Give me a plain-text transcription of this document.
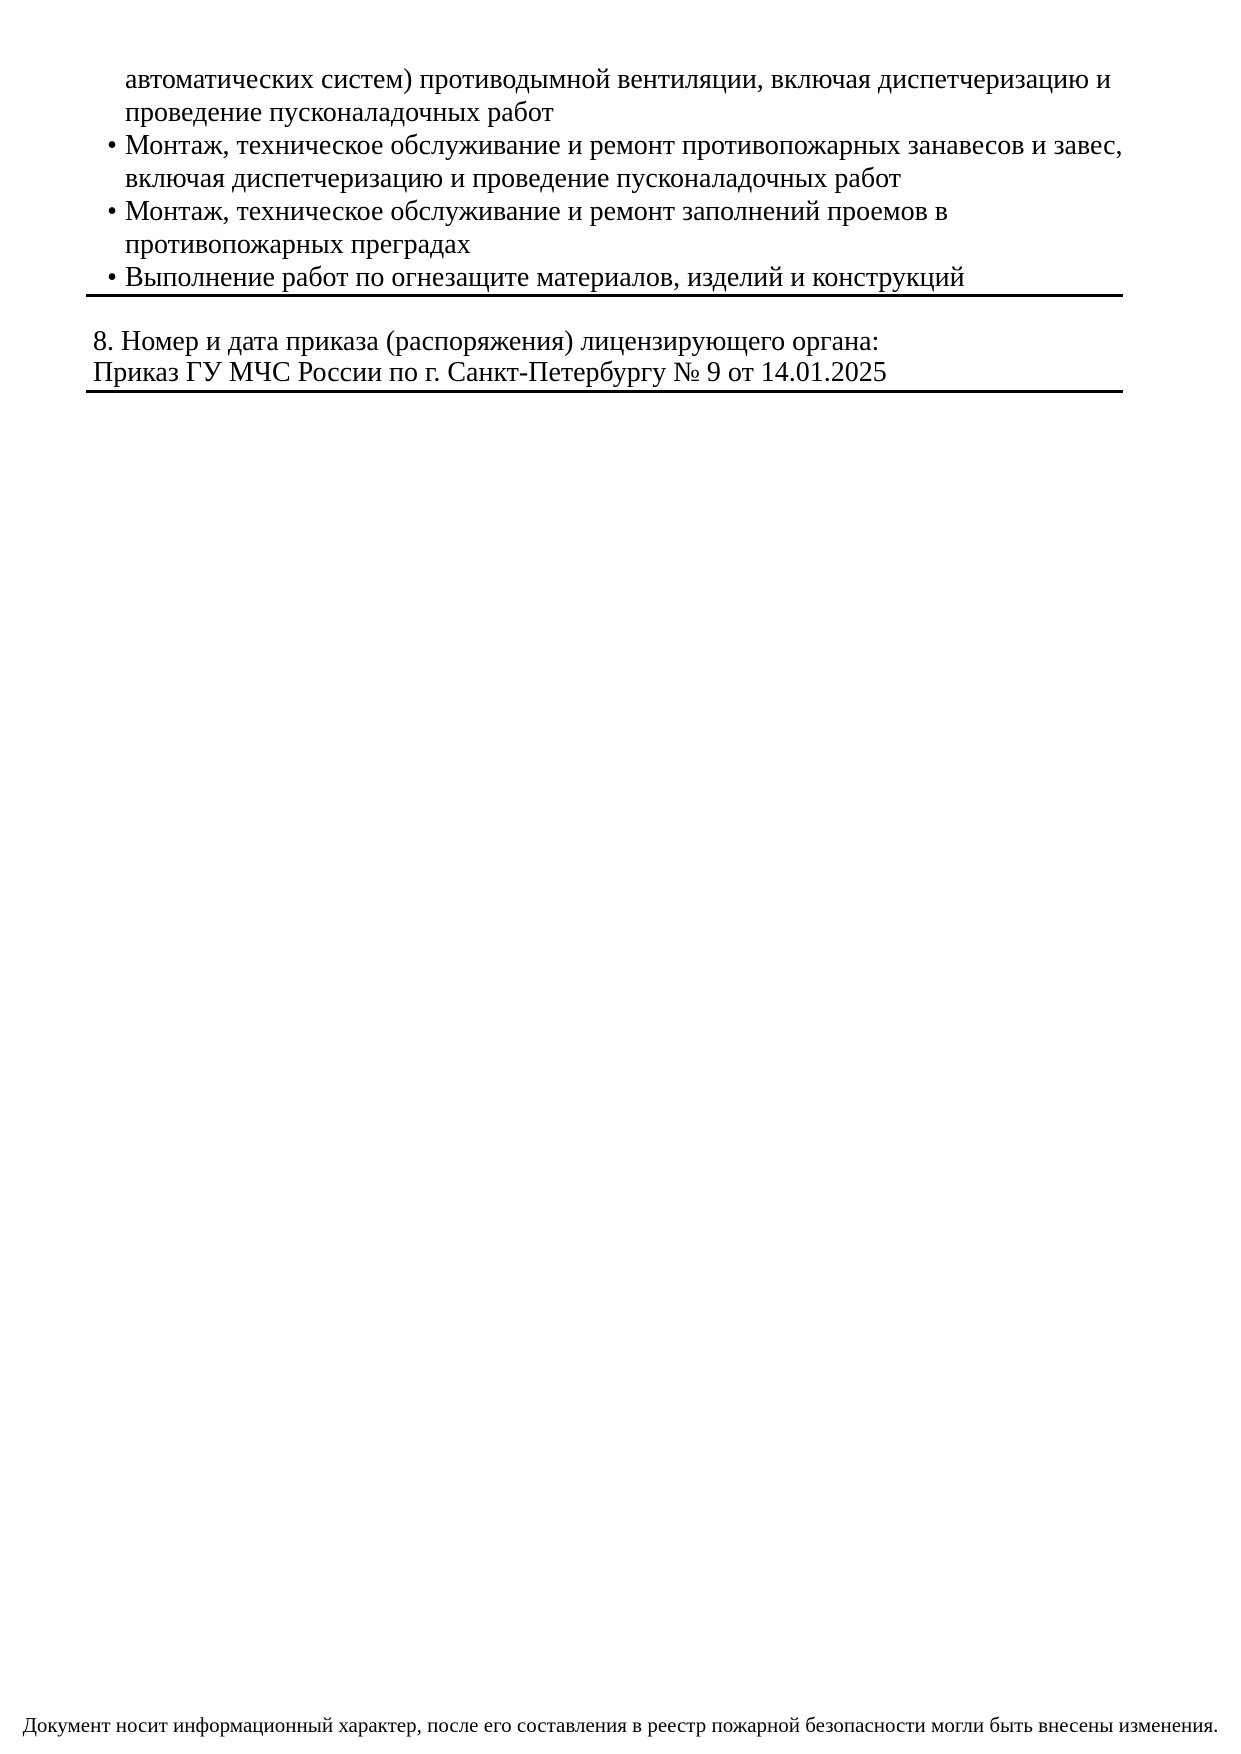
автоматических систем) противодымной вентиляции, включая диспетчеризацию и проведение пусконаладочных работ

• Монтаж, техническое обслуживание и ремонт противопожарных занавесов и завес, включая диспетчеризацию и проведение пусконаладочных работ
• Монтаж, техническое обслуживание и ремонт заполнений проемов в противопожарных преградах
• Выполнение работ по огнезащите материалов, изделий и конструкций
8. Номер и дата приказа (распоряжения) лицензирующего органа:
Приказ ГУ МЧС России по г. Санкт-Петербургу № 9 от 14.01.2025
Документ носит информационный характер, после его составления в реестр пожарной безопасности могли быть внесены изменения.
